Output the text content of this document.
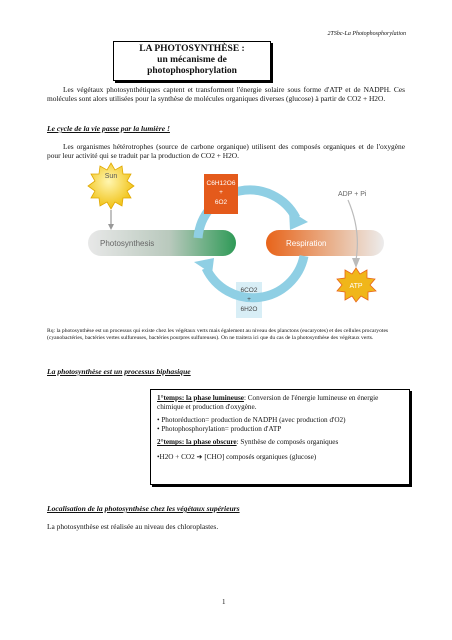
2TSbc-La Photophosphorylation
LA PHOTOSYNTHÈSE :
un mécanisme de photophosphorylation
Les végétaux photosynthétiques captent et transforment l'énergie solaire sous forme d'ATP et de NADPH. Ces molécules sont alors utilisées pour la synthèse de molécules organiques diverses (glucose) à partir de CO2 + H2O.
Le cycle de la vie passe par la lumière !
Les organismes hétérotrophes (source de carbone organique) utilisent des composés organiques et de l'oxygène pour leur activité qui se traduit par la production de CO2 + H2O.
Sun
Photosynthesis	Respiration
C6H12O6
+
6O2
6CO2
+
6H2O
ADP + Pi
ATP
Rq: la photosynthèse est un processus qui existe chez les végétaux verts mais également au niveau des planctons (eucaryotes) et des cellules procaryotes (cyanobactéries, bactéries vertes sulfureuses, bactéries pourpres sulfureuses). On ne traitera ici que du cas de la photosynthèse des végétaux verts.
La photosynthèse est un processus biphasique

1°temps: la phase lumineuse: Conversion de l'énergie lumineuse en énergie chimique et production d'oxygène.

• Photoréduction= production de NADPH (avec production d'O2)

• Photophosphorylation= production d'ATP

2°temps: la phase obscure: Synthèse de composés organiques

•H2O + CO2 ➜ [CHO] composés organiques (glucose)

Localisation de la photosynthèse chez les végétaux supérieurs
La photosynthèse est réalisée au niveau des chloroplastes.
1
